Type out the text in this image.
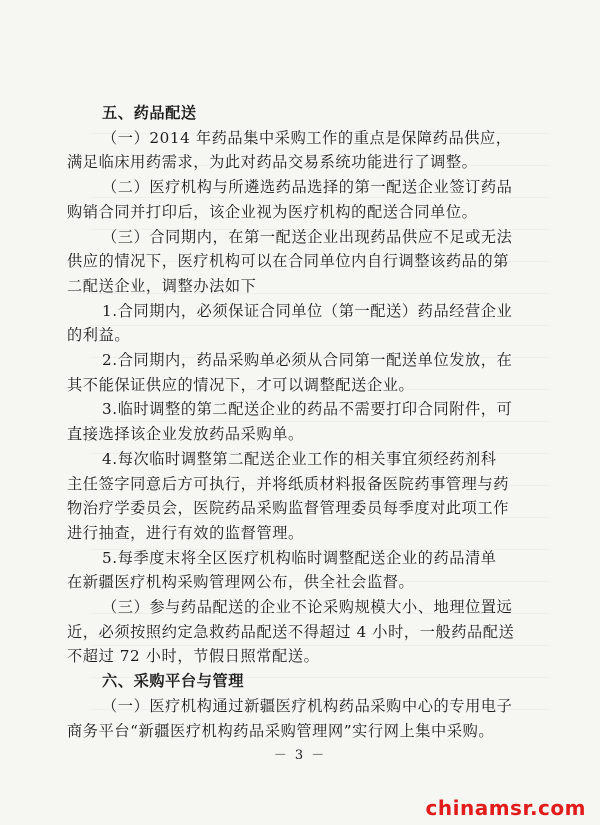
五、药品配送
（一）2014 年药品集中采购工作的重点是保障药品供应，
满足临床用药需求，为此对药品交易系统功能进行了调整。
（二）医疗机构与所遴选药品选择的第一配送企业签订药品
购销合同并打印后，该企业视为医疗机构的配送合同单位。
（三）合同期内，在第一配送企业出现药品供应不足或无法
供应的情况下，医疗机构可以在合同单位内自行调整该药品的第
二配送企业，调整办法如下
1.合同期内，必须保证合同单位（第一配送）药品经营企业
的利益。
2.合同期内，药品采购单必须从合同第一配送单位发放，在
其不能保证供应的情况下，才可以调整配送企业。
3.临时调整的第二配送企业的药品不需要打印合同附件，可
直接选择该企业发放药品采购单。
4.每次临时调整第二配送企业工作的相关事宜须经药剂科
主任签字同意后方可执行，并将纸质材料报备医院药事管理与药
物治疗学委员会，医院药品采购监督管理委员每季度对此项工作
进行抽查，进行有效的监督管理。
5.每季度末将全区医疗机构临时调整配送企业的药品清单
在新疆医疗机构采购管理网公布，供全社会监督。
（三）参与药品配送的企业不论采购规模大小、地理位置远
近，必须按照约定急救药品配送不得超过 4 小时，一般药品配送
不超过 72 小时，节假日照常配送。
六、采购平台与管理
（一）医疗机构通过新疆医疗机构药品采购中心的专用电子
商务平台“新疆医疗机构药品采购管理网”实行网上集中采购。
－ 3 －
chinamsr.com
